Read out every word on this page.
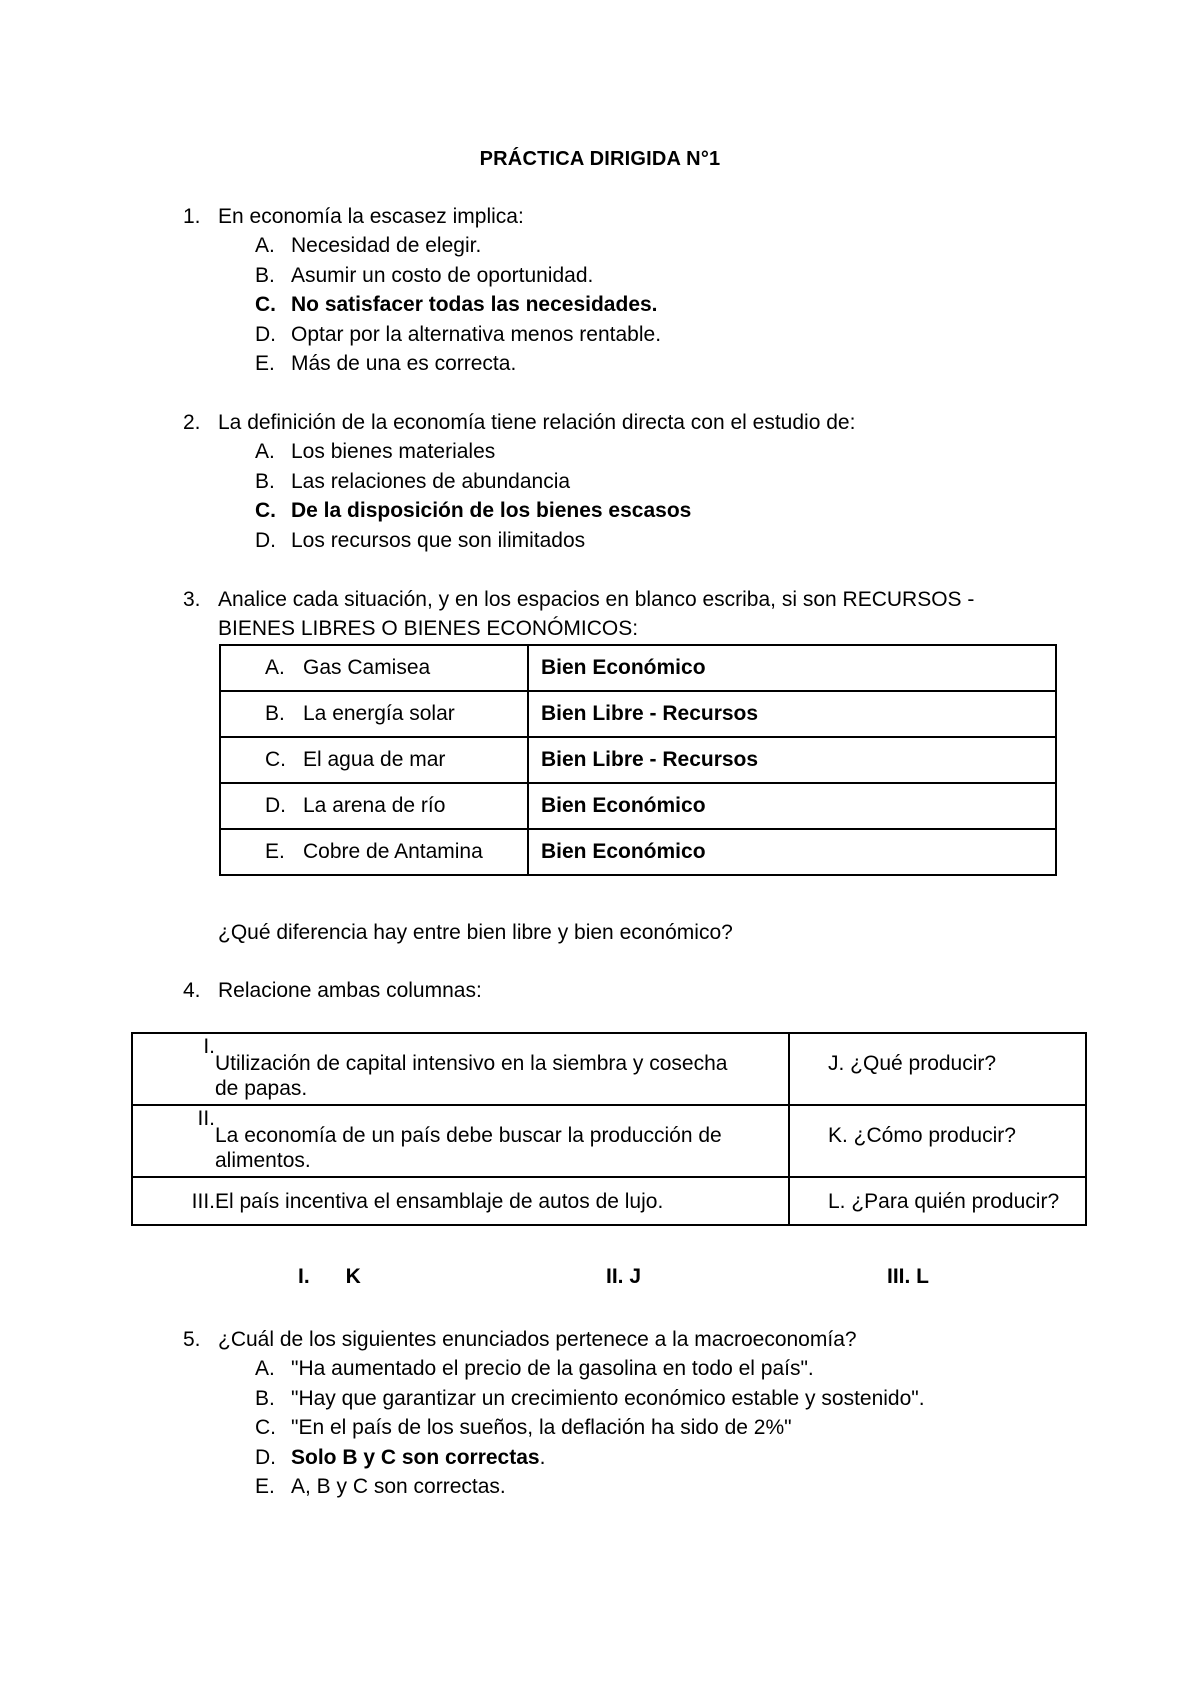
PRÁCTICA DIRIGIDA N°1
1. En economía la escasez implica:
A. Necesidad de elegir.
B. Asumir un costo de oportunidad.
C. No satisfacer todas las necesidades.
D. Optar por la alternativa menos rentable.
E. Más de una es correcta.
2. La definición de la economía tiene relación directa con el estudio de:
A. Los bienes materiales
B. Las relaciones de abundancia
C. De la disposición de los bienes escasos
D. Los recursos que son ilimitados
3. Analice cada situación, y en los espacios en blanco escriba, si son RECURSOS -
BIENES LIBRES O BIENES ECONÓMICOS:
A. Gas Camisea	Bien Económico
B. La energía solar	Bien Libre - Recursos
C. El agua de mar	Bien Libre - Recursos
D. La arena de río	Bien Económico
E. Cobre de Antamina	Bien Económico
¿Qué diferencia hay entre bien libre y bien económico?
4. Relacione ambas columnas:
I.
Utilización de capital intensivo en la siembra y cosecha
de papas.	J. ¿Qué producir?

II.
La economía de un país debe buscar la producción de
alimentos.	K. ¿Cómo producir?

III. El país incentiva el ensamblaje de autos de lujo.	L. ¿Para quién producir?
I. K	II. J	III. L
5. ¿Cuál de los siguientes enunciados pertenece a la macroeconomía?
A. "Ha aumentado el precio de la gasolina en todo el país".
B. "Hay que garantizar un crecimiento económico estable y sostenido".
C. "En el país de los sueños, la deflación ha sido de 2%"
D. Solo B y C son correctas.
E. A, B y C son correctas.
